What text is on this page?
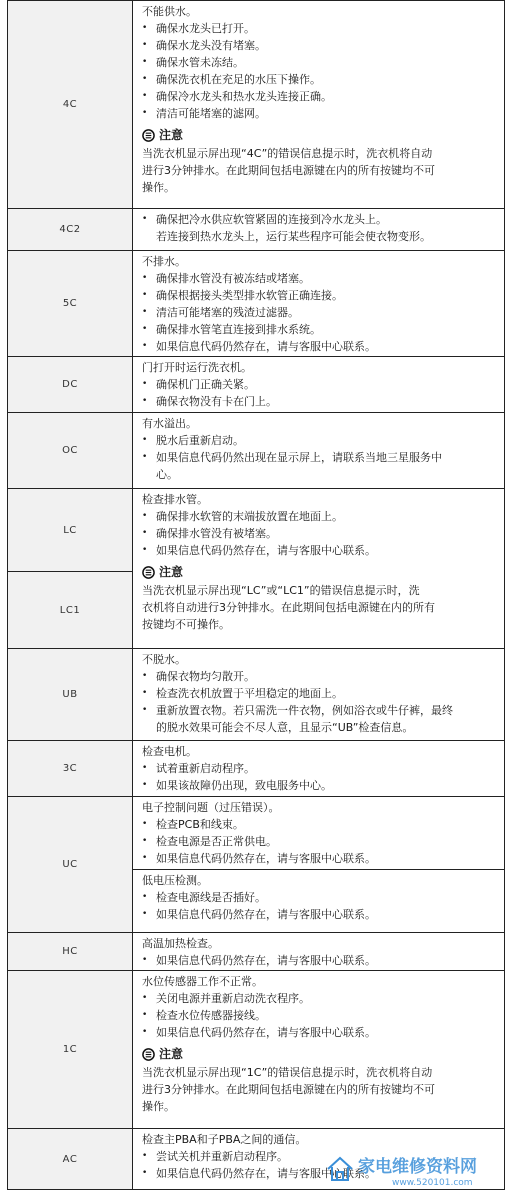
4C
不能供水。
• 确保水龙头已打开。
• 确保水龙头没有堵塞。
• 确保水管未冻结。
• 确保洗衣机在充足的水压下操作。
• 确保冷水龙头和热水龙头连接正确。
• 清洁可能堵塞的滤网。
注意
当洗衣机显示屏出现“4C”的错误信息提示时，洗衣机将自动
进行3分钟排水。在此期间包括电源键在内的所有按键均不可
操作。
4C2
• 确保把冷水供应软管紧固的连接到冷水龙头上。
若连接到热水龙头上，运行某些程序可能会使衣物变形。
5C
不排水。
• 确保排水管没有被冻结或堵塞。
• 确保根据接头类型排水软管正确连接。
• 清洁可能堵塞的残渣过滤器。
• 确保排水管笔直连接到排水系统。
• 如果信息代码仍然存在，请与客服中心联系。
DC
门打开时运行洗衣机。
• 确保机门正确关紧。
• 确保衣物没有卡在门上。
OC
有水溢出。
• 脱水后重新启动。
• 如果信息代码仍然出现在显示屏上，请联系当地三星服务中
心。
LC
LC1
检查排水管。
• 确保排水软管的末端拔放置在地面上。
• 确保排水管没有被堵塞。
• 如果信息代码仍然存在，请与客服中心联系。
注意
当洗衣机显示屏出现“LC”或“LC1”的错误信息提示时，洗
衣机将自动进行3分钟排水。在此期间包括电源键在内的所有
按键均不可操作。
UB
不脱水。
• 确保衣物均匀散开。
• 检查洗衣机放置于平坦稳定的地面上。
• 重新放置衣物。若只需洗一件衣物，例如浴衣或牛仔裤，最终
的脱水效果可能会不尽人意，且显示“UB”检查信息。
3C
检查电机。
• 试着重新启动程序。
• 如果该故障仍出现，致电服务中心。
UC
电子控制问题（过压错误）。
• 检查PCB和线束。
• 检查电源是否正常供电。
• 如果信息代码仍然存在，请与客服中心联系。
低电压检测。
• 检查电源线是否插好。
• 如果信息代码仍然存在，请与客服中心联系。
HC
高温加热检查。
• 如果信息代码仍然存在，请与客服中心联系。
1C
水位传感器工作不正常。
• 关闭电源并重新启动洗衣程序。
• 检查水位传感器接线。
• 如果信息代码仍然存在，请与客服中心联系。
注意
当洗衣机显示屏出现“1C”的错误信息提示时，洗衣机将自动
进行3分钟排水。在此期间包括电源键在内的所有按键均不可
操作。
AC
检查主PBA和子PBA之间的通信。
• 尝试关机并重新启动程序。
• 如果信息代码仍然存在，请与客服中心联系。
家电维修资料网
www.520101.com
